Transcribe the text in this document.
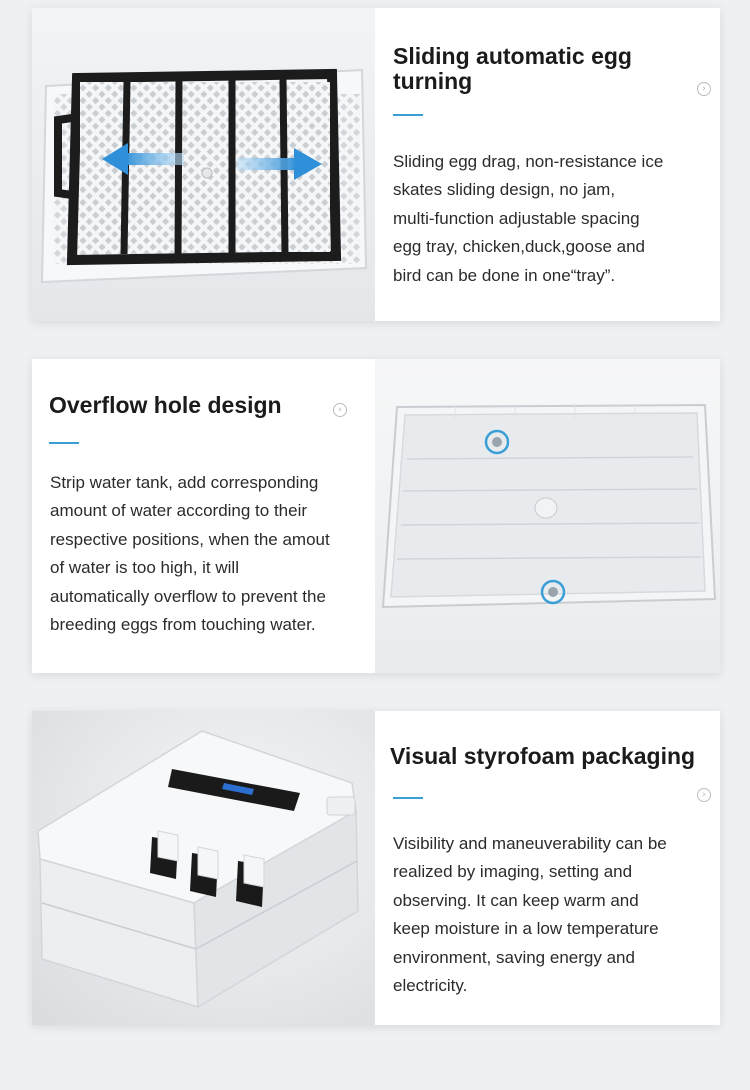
Sliding automatic egg turning	›

Sliding egg drag, non-resistance ice
skates sliding design, no jam,
multi-function adjustable spacing
egg tray, chicken,duck,goose and
bird can be done in one“tray”.

Overflow hole design	›

Strip water tank, add corresponding
amount of water according to their
respective positions, when the amout
of water is too high, it will
automatically overflow to prevent the
breeding eggs from touching water.

Visual styrofoam packaging
›

Visibility and maneuverability can be
realized by imaging, setting and
observing. It can keep warm and
keep moisture in a low temperature
environment, saving energy and
electricity.
